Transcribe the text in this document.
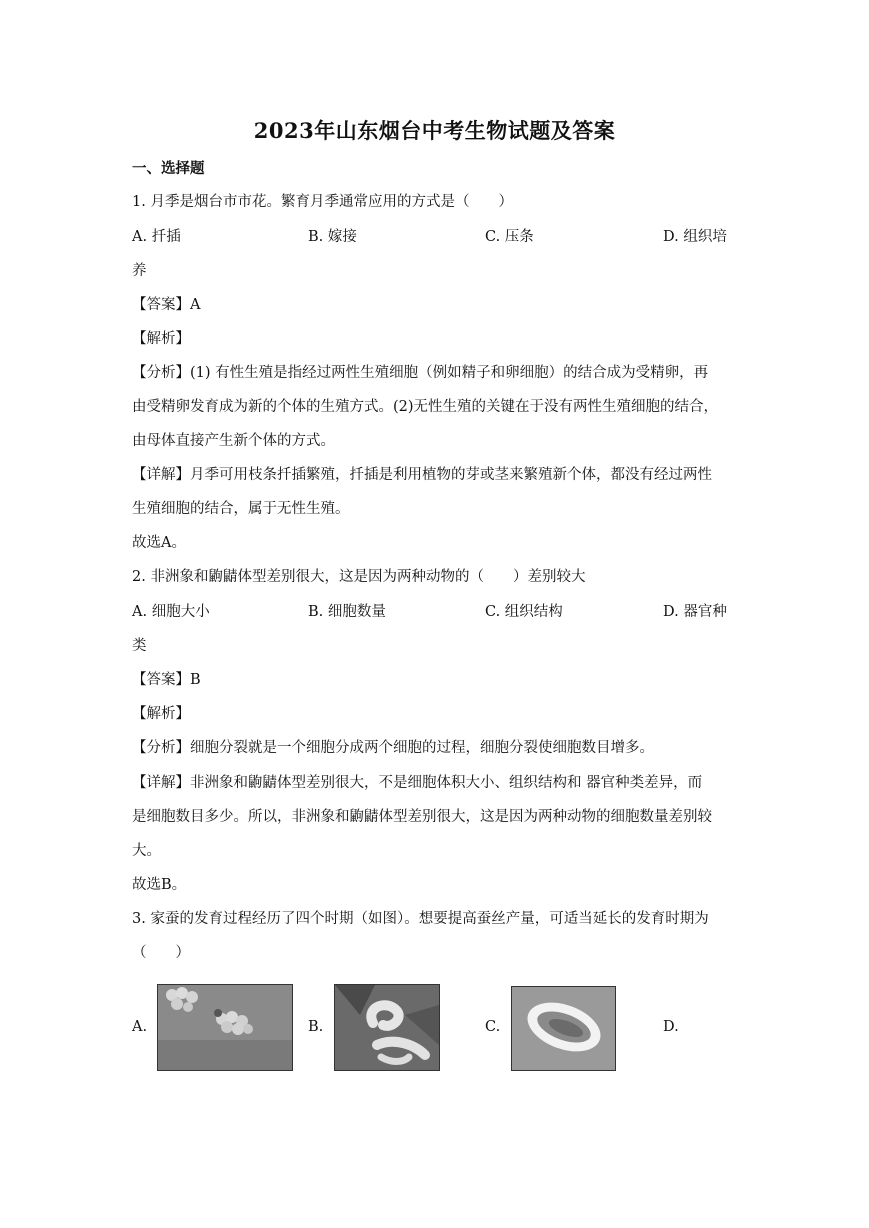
2023年山东烟台中考生物试题及答案
一、选择题
1. 月季是烟台市市花。繁育月季通常应用的方式是（　　）
A. 扦插	B. 嫁接	C. 压条	D. 组织培
养
【答案】A
【解析】
【分析】(1) 有性生殖是指经过两性生殖细胞（例如精子和卵细胞）的结合成为受精卵，再
由受精卵发育成为新的个体的生殖方式。(2)无性生殖的关键在于没有两性生殖细胞的结合，
由母体直接产生新个体的方式。
【详解】月季可用枝条扦插繁殖，扦插是利用植物的芽或茎来繁殖新个体，都没有经过两性
生殖细胞的结合，属于无性生殖。
故选A。
2. 非洲象和鼩鼱体型差别很大，这是因为两种动物的（　　）差别较大
A. 细胞大小	B. 细胞数量	C. 组织结构	D. 器官种
类
【答案】B
【解析】
【分析】细胞分裂就是一个细胞分成两个细胞的过程，细胞分裂使细胞数目增多。
【详解】非洲象和鼩鼱体型差别很大，不是细胞体积大小、组织结构和 器官种类差异，而
是细胞数目多少。所以，非洲象和鼩鼱体型差别很大，这是因为两种动物的细胞数量差别较
大。
故选B。
3. 家蚕的发育过程经历了四个时期（如图）。想要提高蚕丝产量，可适当延长的发育时期为
（　　）
A.	B.	C.	D.
